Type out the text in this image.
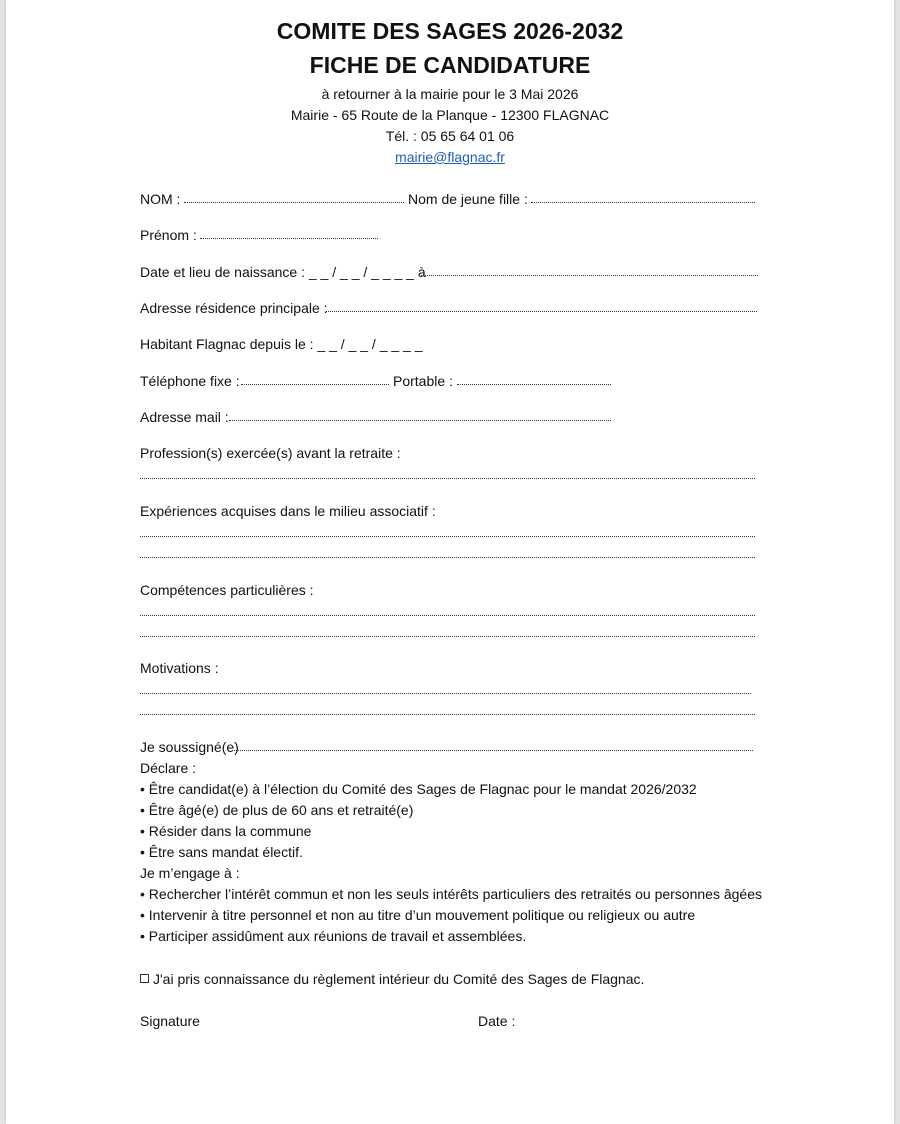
COMITE DES SAGES 2026-2032
FICHE DE CANDIDATURE
à retourner à la mairie pour le 3 Mai 2026
Mairie - 65 Route de la Planque - 12300 FLAGNAC
Tél. : 05 65 64 01 06
mairie@flagnac.fr
NOM :	Nom de jeune fille :
Prénom :
Date et lieu de naissance : _ _ / _ _ / _ _ _ _ à
Adresse résidence principale :
Habitant Flagnac depuis le : _ _ / _ _ / _ _ _ _
Téléphone fixe :	Portable :
Adresse mail :
Profession(s) exercée(s) avant la retraite :
Expériences acquises dans le milieu associatif :
Compétences particulières :
Motivations :
Je soussigné(e)
Déclare :
• Être candidat(e) à l’élection du Comité des Sages de Flagnac pour le mandat 2026/2032
• Être âgé(e) de plus de 60 ans et retraité(e)
• Résider dans la commune
• Être sans mandat électif.
Je m’engage à :
• Rechercher l’intérêt commun et non les seuls intérêts particuliers des retraités ou personnes âgées
• Intervenir à titre personnel et non au titre d’un mouvement politique ou religieux ou autre
• Participer assidûment aux réunions de travail et assemblées.
J'ai pris connaissance du règlement intérieur du Comité des Sages de Flagnac.
Signature	Date :
